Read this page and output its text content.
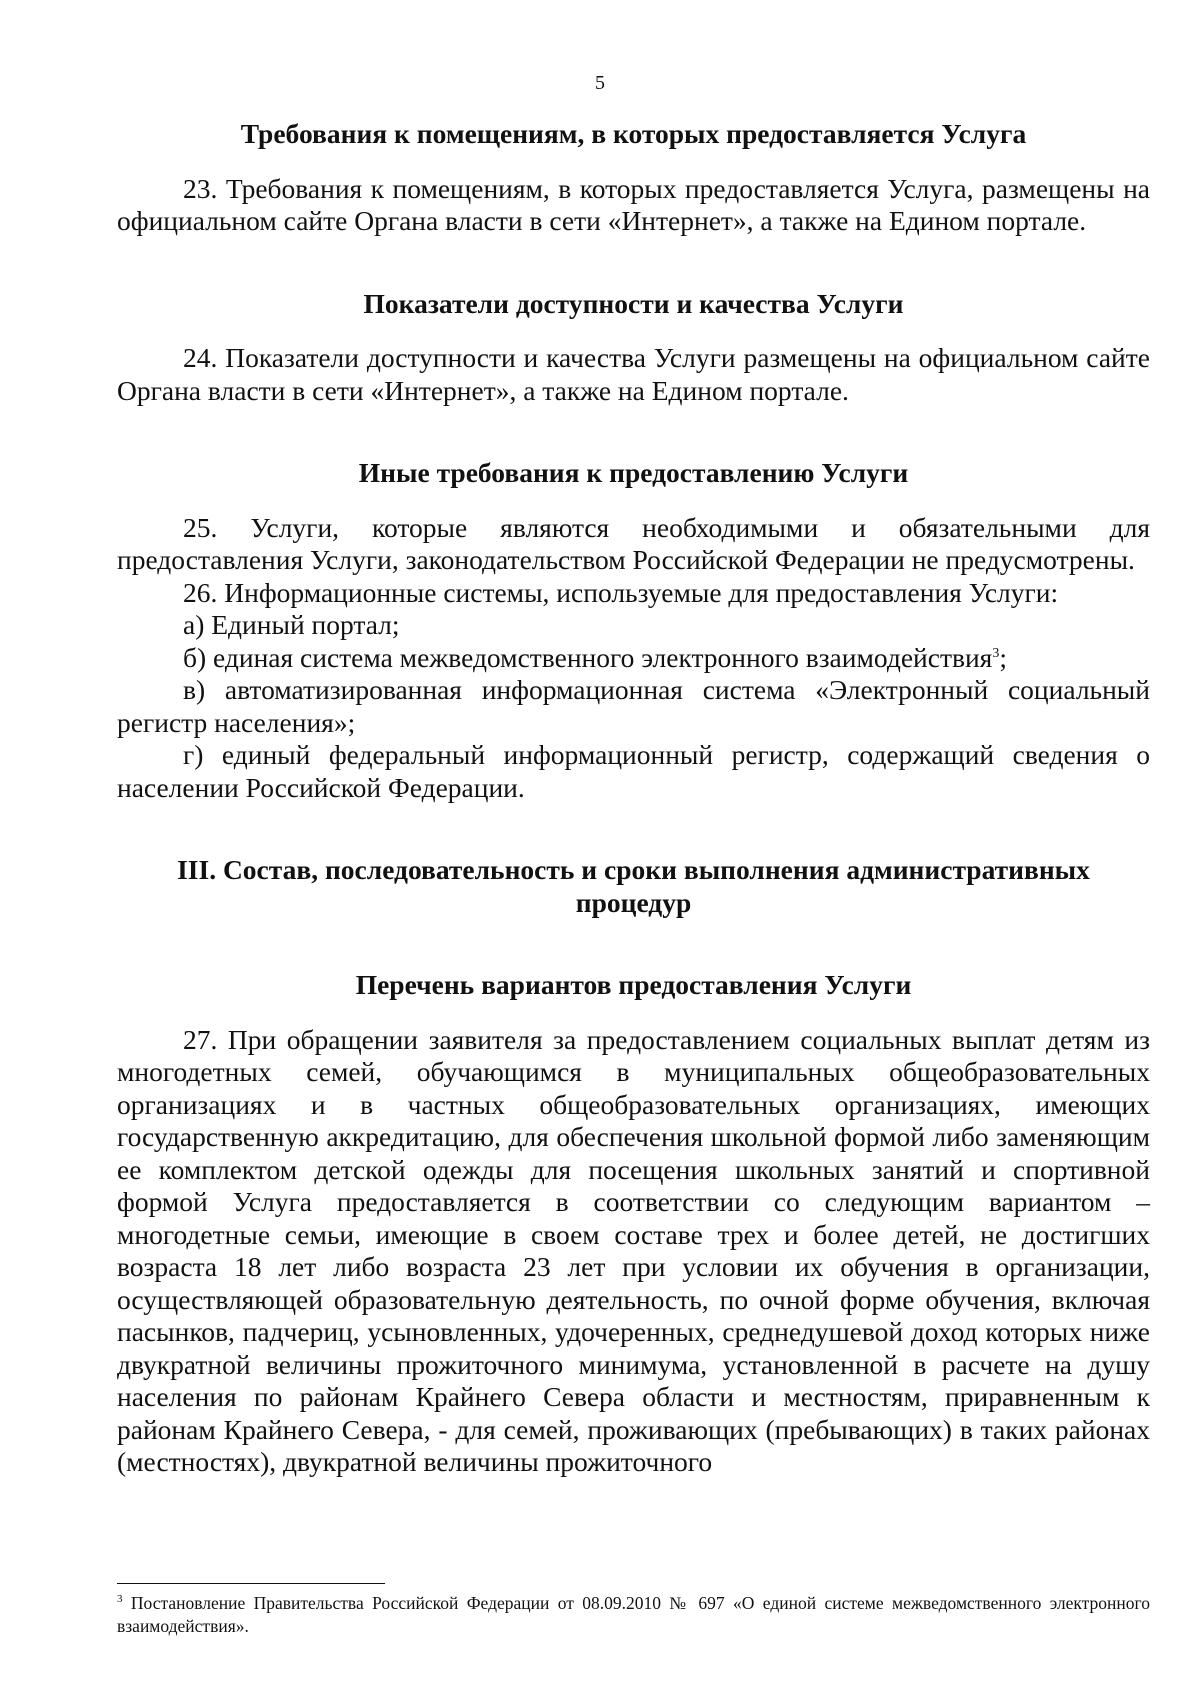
5
Требования к помещениям, в которых предоставляется Услуга

23. Требования к помещениям, в которых предоставляется Услуга, размещены на официальном сайте Органа власти в сети «Интернет», а также на Едином портале.

Показатели доступности и качества Услуги

24. Показатели доступности и качества Услуги размещены на официальном сайте Органа власти в сети «Интернет», а также на Едином портале.

Иные требования к предоставлению Услуги

25. Услуги, которые являются необходимыми и обязательными для предоставления Услуги, законодательством Российской Федерации не предусмотрены.

26. Информационные системы, используемые для предоставления Услуги:

а) Единый портал;

б) единая система межведомственного электронного взаимодействия$^3$;

в) автоматизированная информационная система «Электронный социальный регистр населения»;

г) единый федеральный информационный регистр, содержащий сведения о населении Российской Федерации.

III. Состав, последовательность и сроки выполнения административных процедур
Перечень вариантов предоставления Услуги

27. При обращении заявителя за предоставлением социальных выплат детям из многодетных семей, обучающимся в муниципальных общеобразовательных организациях и в частных общеобразовательных организациях, имеющих государственную аккредитацию, для обеспечения школьной формой либо заменяющим ее комплектом детской одежды для посещения школьных занятий и спортивной формой Услуга предоставляется в соответствии со следующим вариантом – многодетные семьи, имеющие в своем составе трех и более детей, не достигших возраста 18 лет либо возраста 23 лет при условии их обучения в организации, осуществляющей образовательную деятельность, по очной форме обучения, включая пасынков, падчериц, усыновленных, удочеренных, среднедушевой доход которых ниже двукратной величины прожиточного минимума, установленной в расчете на душу населения по районам Крайнего Севера области и местностям, приравненным к районам Крайнего Севера, - для семей, проживающих (пребывающих) в таких районах (местностях), двукратной величины прожиточного

$^3$ Постановление Правительства Российской Федерации от 08.09.2010 № 697 «О единой системе межведомственного электронного взаимодействия».
